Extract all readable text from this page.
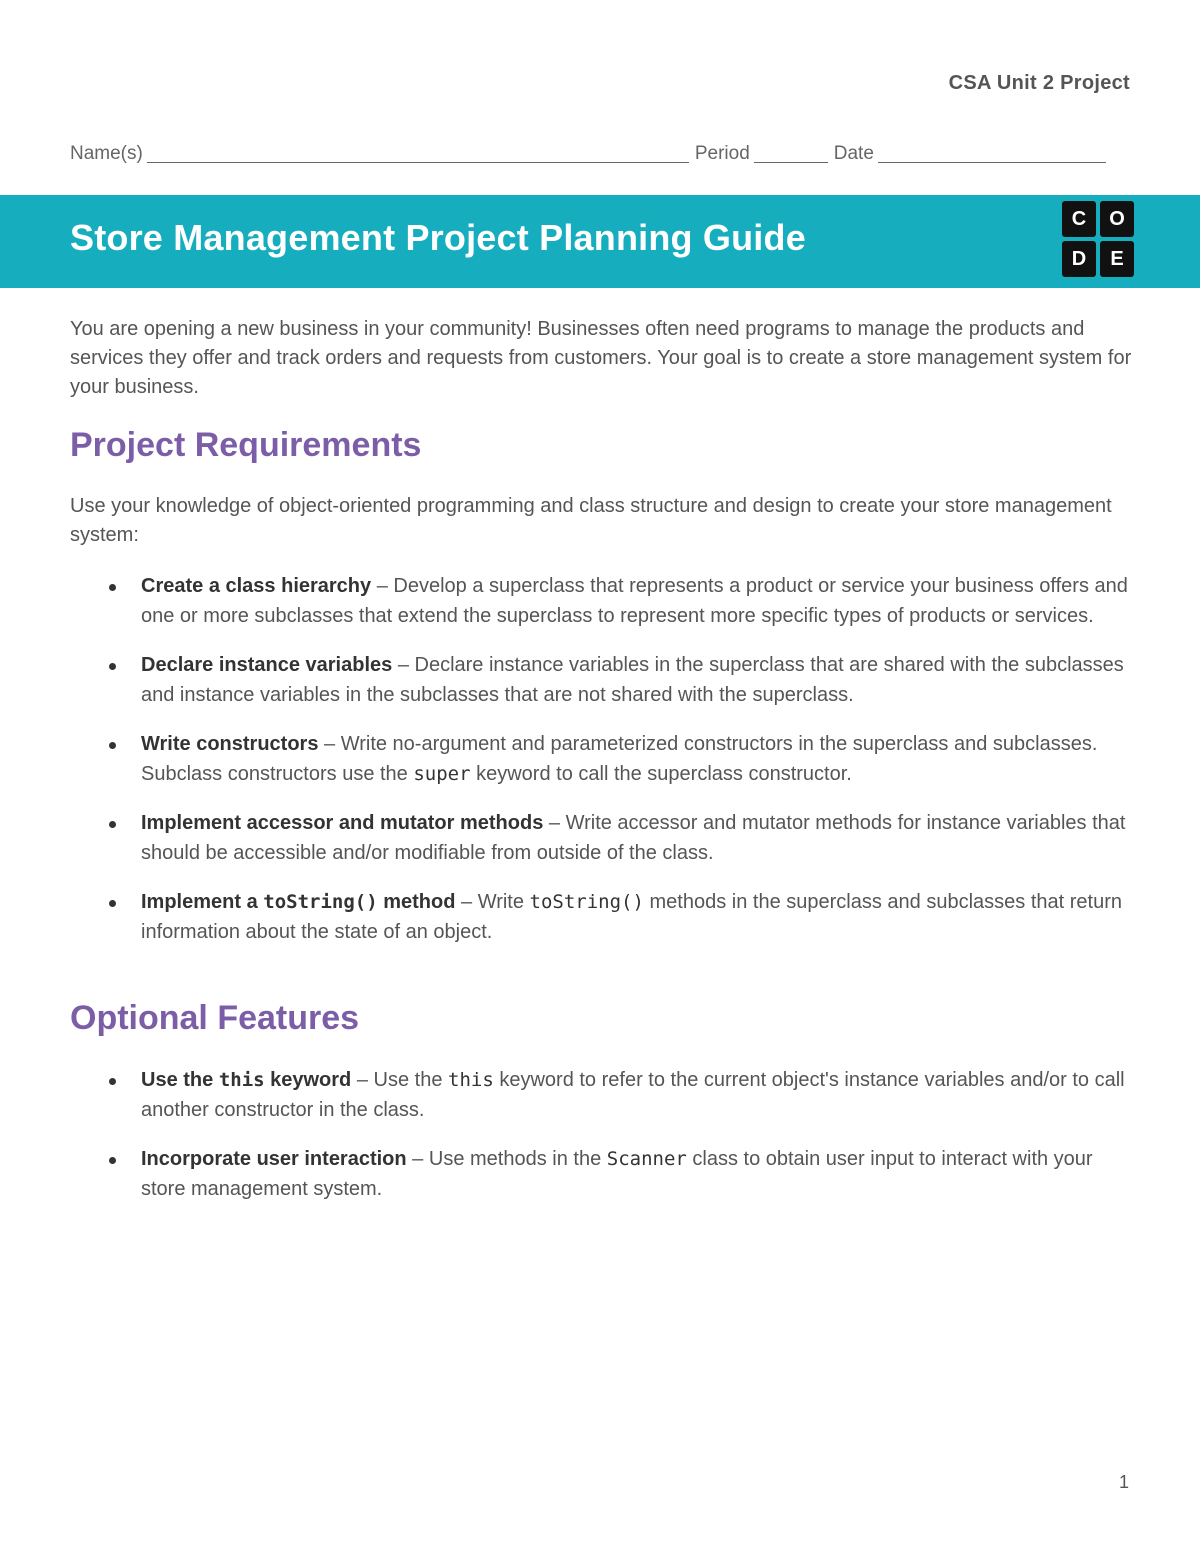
CSA Unit 2 Project
Name(s)	Period	Date
Store Management Project Planning Guide	C	O
D	E

You are opening a new business in your community! Businesses often need programs to manage the products and services they offer and track orders and requests from customers. Your goal is to create a store management system for your business.

Project Requirements

Use your knowledge of object-oriented programming and class structure and design to create your store management system:

Create a class hierarchy – Develop a superclass that represents a product or service your business offers and one or more subclasses that extend the superclass to represent more specific types of products or services.
Declare instance variables – Declare instance variables in the superclass that are shared with the subclasses and instance variables in the subclasses that are not shared with the superclass.
Write constructors – Write no-argument and parameterized constructors in the superclass and subclasses. Subclass constructors use the super keyword to call the superclass constructor.
Implement accessor and mutator methods – Write accessor and mutator methods for instance variables that should be accessible and/or modifiable from outside of the class.
Implement a toString() method – Write toString() methods in the superclass and subclasses that return information about the state of an object.
Optional Features
Use the this keyword – Use the this keyword to refer to the current object's instance variables and/or to call another constructor in the class.
Incorporate user interaction – Use methods in the Scanner class to obtain user input to interact with your store management system.
1
